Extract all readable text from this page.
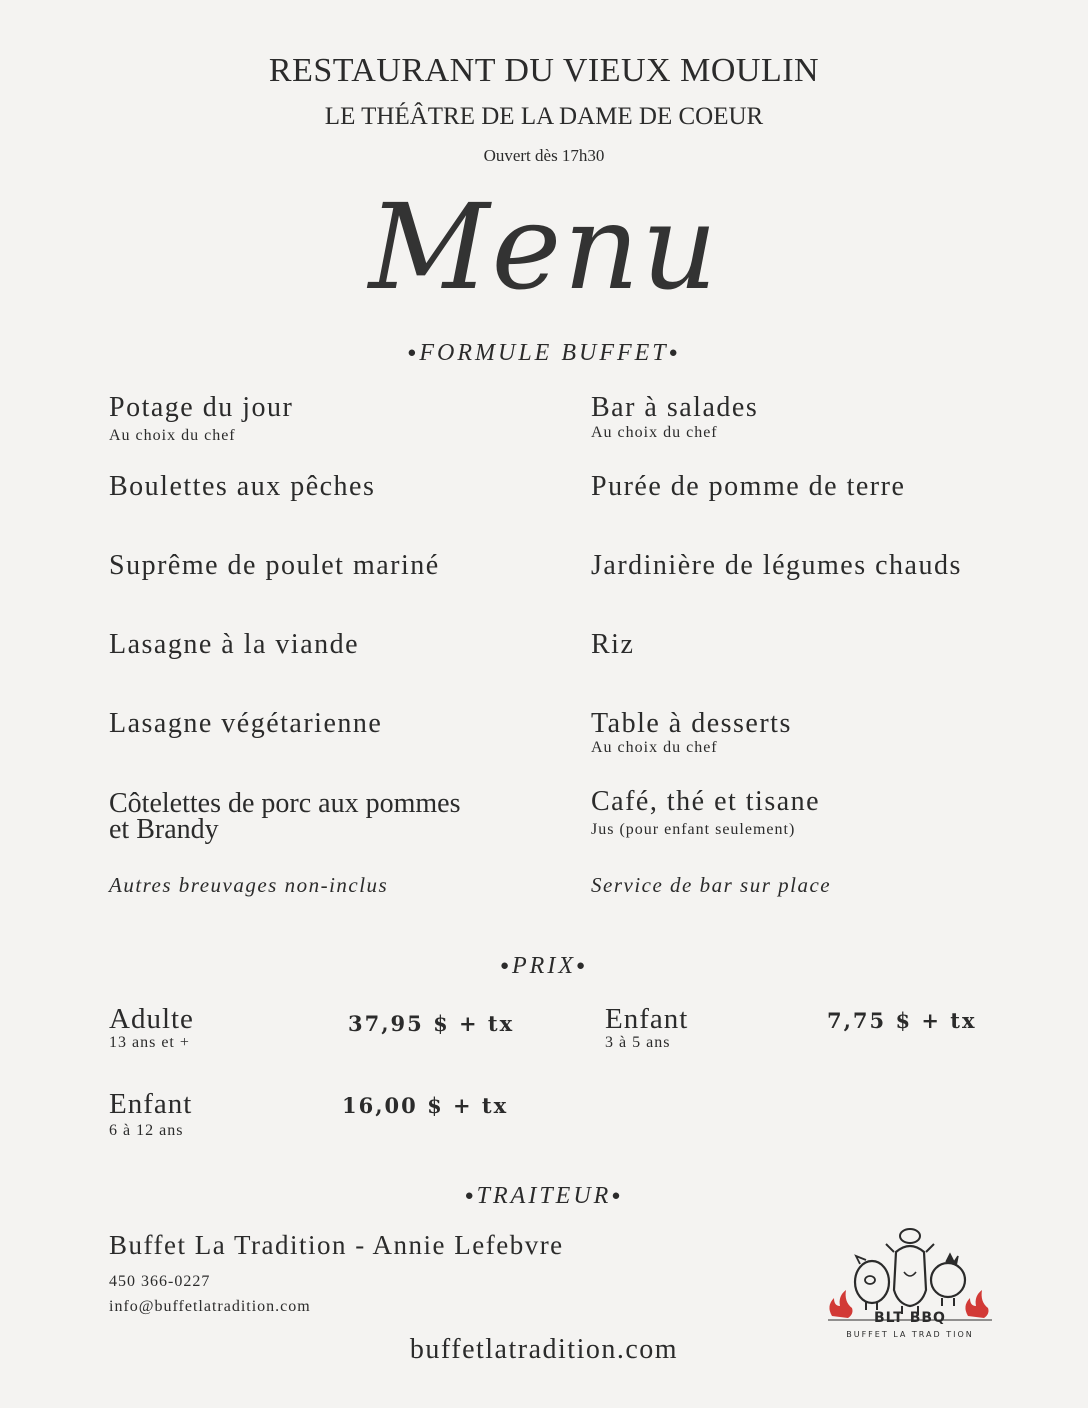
RESTAURANT DU VIEUX MOULIN
LE THÉÂTRE DE LA DAME DE COEUR
Ouvert dès 17h30
Menu
●FORMULE BUFFET●
Potage du jour
Au choix du chef
Boulettes aux pêches
Suprême de poulet mariné
Lasagne à la viande
Lasagne végétarienne
Côtelettes de porc aux pommes
et Brandy
Autres breuvages non-inclus
Bar à salades
Au choix du chef
Purée de pomme de terre
Jardinière de légumes chauds
Riz
Table à desserts
Au choix du chef
Café, thé et tisane
Jus (pour enfant seulement)
Service de bar sur place
●PRIX●
Adulte
13 ans et +
37,95 $ + tx	Enfant
3 à 5 ans
7,75 $ + tx
Enfant
6 à 12 ans
16,00 $ + tx
●TRAITEUR●
Buffet La Tradition - Annie Lefebvre
450 366-0227
info@buffetlatradition.com
buffetlatradition.com
BLT BBQ
BUFFET LA TRAD TION
